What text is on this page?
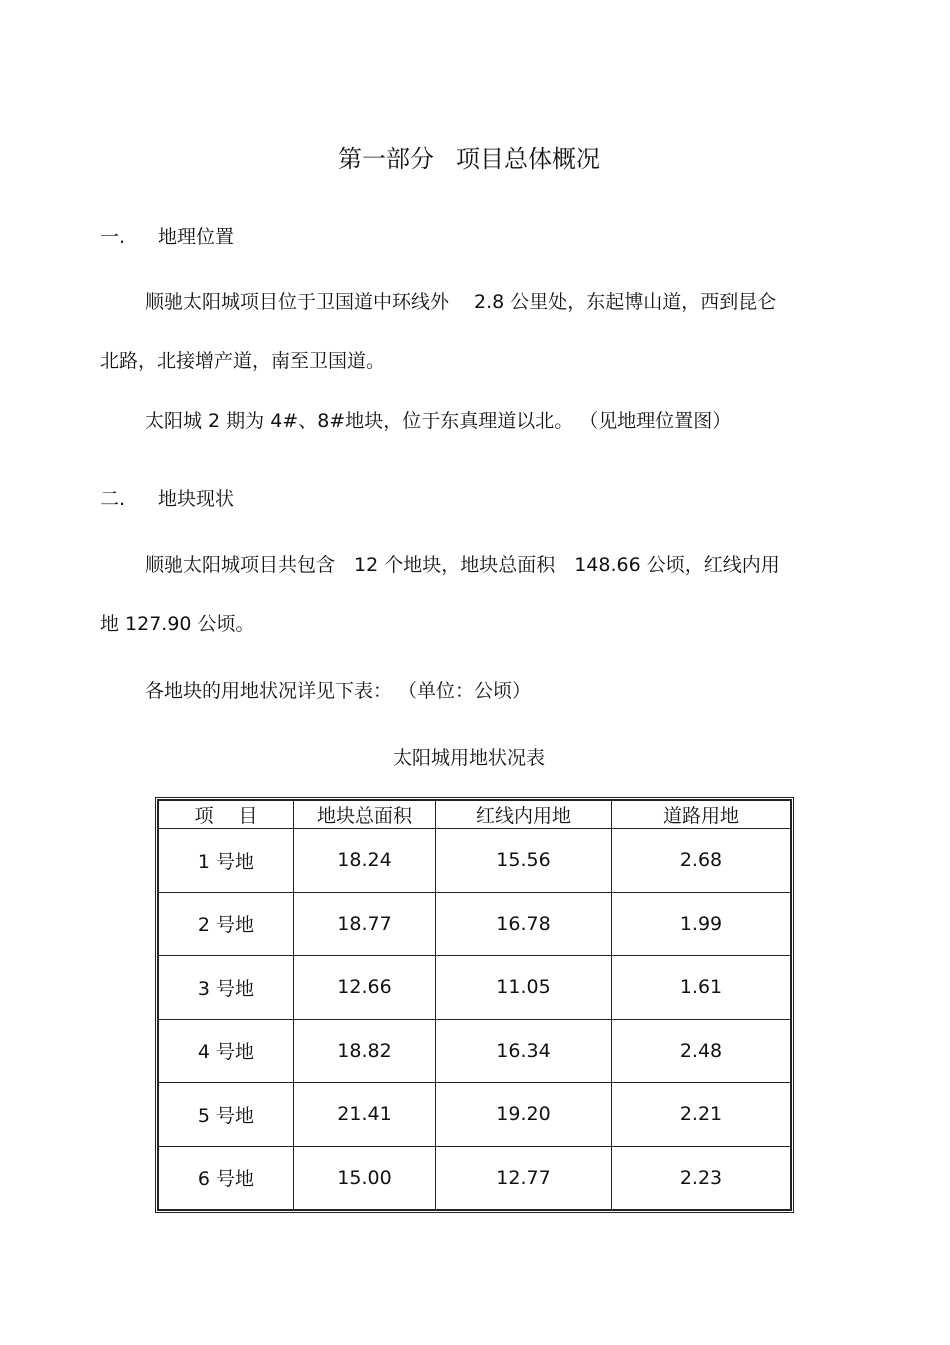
第一部分 项目总体概况
一. 地理位置
顺驰太阳城项目位于卫国道中环线外　 2.8 公里处，东起博山道，西到昆仑
北路，北接增产道，南至卫国道。
太阳城 2 期为 4#、8#地块，位于东真理道以北。 （见地理位置图）
二. 地块现状
顺驰太阳城项目共包含　12 个地块，地块总面积　148.66 公顷，红线内用
地 127.90 公顷。
各地块的用地状况详见下表： （单位：公顷）
太阳城用地状况表
项　 目	地块总面积	红线内用地	道路用地
1 号地	18.24	15.56	2.68
2 号地	18.77	16.78	1.99
3 号地	12.66	11.05	1.61
4 号地	18.82	16.34	2.48
5 号地	21.41	19.20	2.21
6 号地	15.00	12.77	2.23
